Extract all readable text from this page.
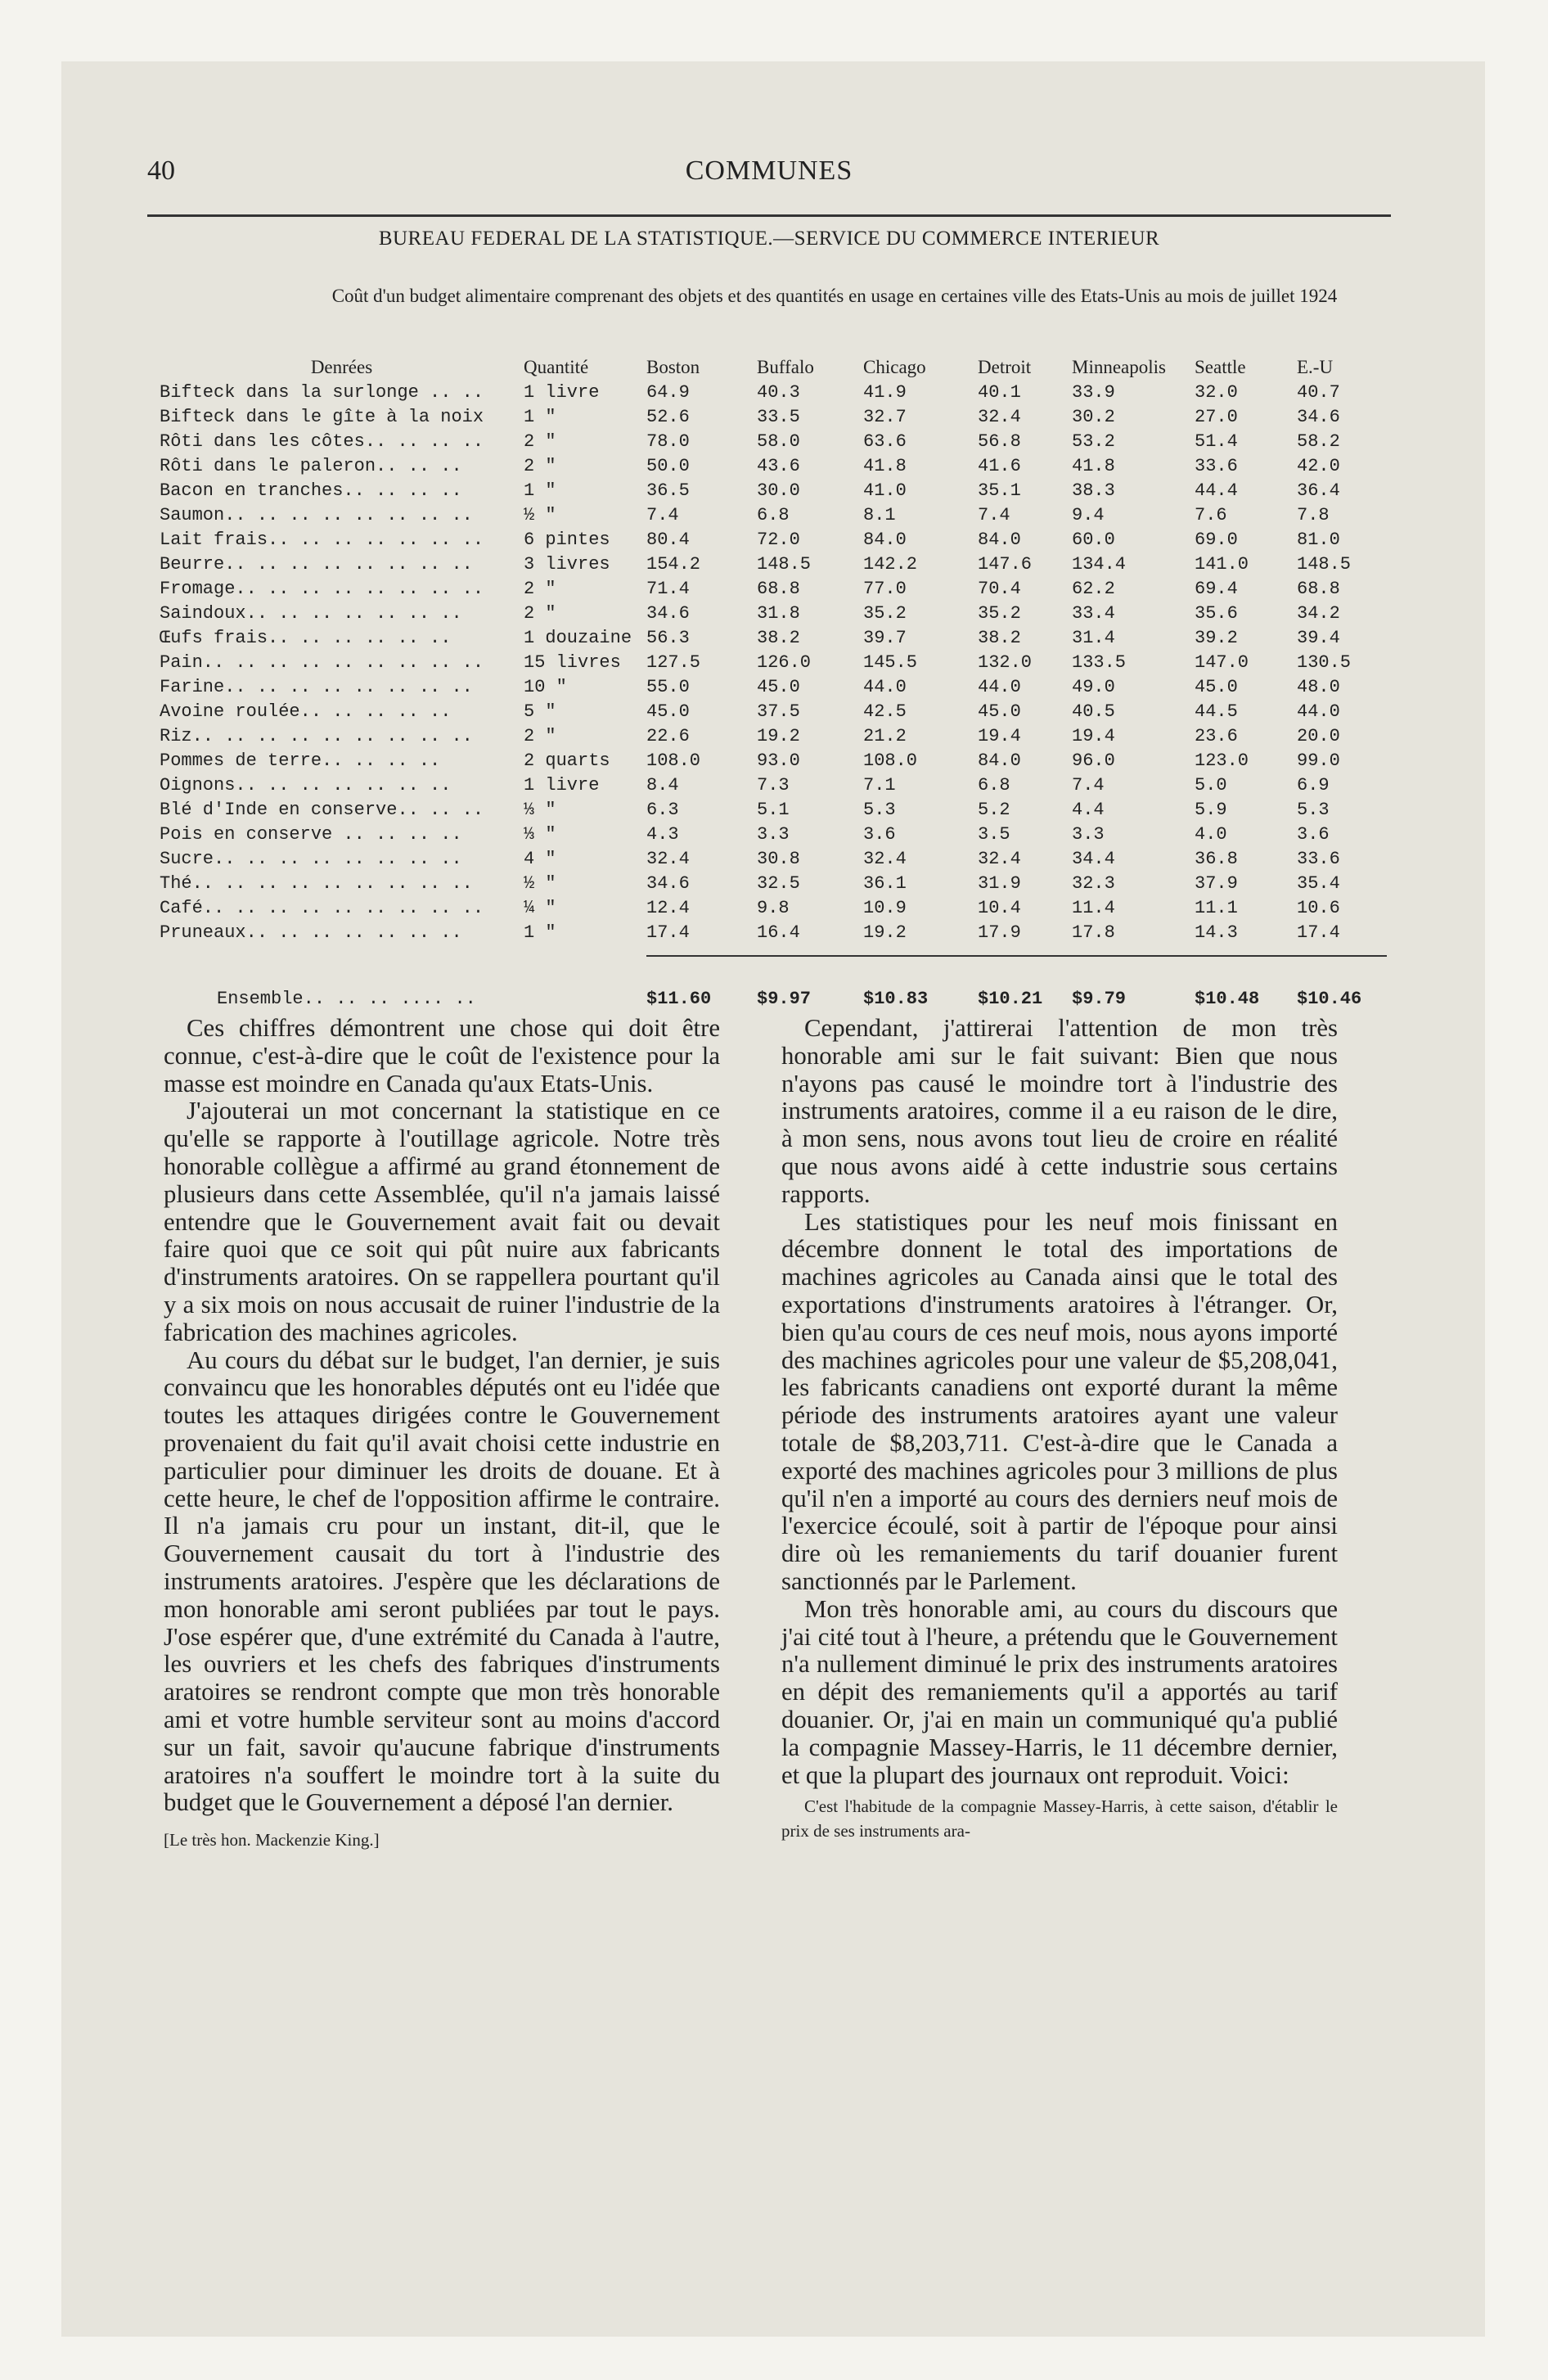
COMMUNES
40
BUREAU FEDERAL DE LA STATISTIQUE.—SERVICE DU COMMERCE INTERIEUR
Coût d'un budget alimentaire comprenant des objets et des quantités en usage en certaines ville des Etats-Unis au mois de juillet 1924
Denrées	Quantité	Boston	Buffalo	Chicago	Detroit	Minneapolis	Seattle	E.-U
Bifteck dans la surlonge .. ..	1 livre	64.9	40.3	41.9	40.1	33.9	32.0	40.7
Bifteck dans le gîte à la noix	1 "	52.6	33.5	32.7	32.4	30.2	27.0	34.6
Rôti dans les côtes.. .. .. ..	2 "	78.0	58.0	63.6	56.8	53.2	51.4	58.2
Rôti dans le paleron.. .. ..	2 "	50.0	43.6	41.8	41.6	41.8	33.6	42.0
Bacon en tranches.. .. .. ..	1 "	36.5	30.0	41.0	35.1	38.3	44.4	36.4
Saumon.. .. .. .. .. .. .. ..	½ "	7.4	6.8	8.1	7.4	9.4	7.6	7.8
Lait frais.. .. .. .. .. .. ..	6 pintes	80.4	72.0	84.0	84.0	60.0	69.0	81.0
Beurre.. .. .. .. .. .. .. ..	3 livres	154.2	148.5	142.2	147.6	134.4	141.0	148.5
Fromage.. .. .. .. .. .. .. ..	2 "	71.4	68.8	77.0	70.4	62.2	69.4	68.8
Saindoux.. .. .. .. .. .. ..	2 "	34.6	31.8	35.2	35.2	33.4	35.6	34.2
Œufs frais.. .. .. .. .. ..	1 douzaine	56.3	38.2	39.7	38.2	31.4	39.2	39.4
Pain.. .. .. .. .. .. .. .. ..	15 livres	127.5	126.0	145.5	132.0	133.5	147.0	130.5
Farine.. .. .. .. .. .. .. ..	10 "	55.0	45.0	44.0	44.0	49.0	45.0	48.0
Avoine roulée.. .. .. .. ..	5 "	45.0	37.5	42.5	45.0	40.5	44.5	44.0
Riz.. .. .. .. .. .. .. .. ..	2 "	22.6	19.2	21.2	19.4	19.4	23.6	20.0
Pommes de terre.. .. .. ..	2 quarts	108.0	93.0	108.0	84.0	96.0	123.0	99.0
Oignons.. .. .. .. .. .. ..	1 livre	8.4	7.3	7.1	6.8	7.4	5.0	6.9
Blé d'Inde en conserve.. .. ..	⅓ "	6.3	5.1	5.3	5.2	4.4	5.9	5.3
Pois en conserve .. .. .. ..	⅓ "	4.3	3.3	3.6	3.5	3.3	4.0	3.6
Sucre.. .. .. .. .. .. .. ..	4 "	32.4	30.8	32.4	32.4	34.4	36.8	33.6
Thé.. .. .. .. .. .. .. .. ..	½ "	34.6	32.5	36.1	31.9	32.3	37.9	35.4
Café.. .. .. .. .. .. .. .. ..	¼ "	12.4	9.8	10.9	10.4	11.4	11.1	10.6
Pruneaux.. .. .. .. .. .. ..	1 "	17.4	16.4	19.2	17.9	17.8	14.3	17.4

Ensemble.. .. .. .... ..		$11.60	$9.97	$10.83	$10.21	$9.79	$10.48	$10.46

Ces chiffres démontrent une chose qui doit être connue, c'est-à-dire que le coût de l'existence pour la masse est moindre en Canada qu'aux Etats-Unis.

J'ajouterai un mot concernant la statistique en ce qu'elle se rapporte à l'outillage agricole. Notre très honorable collègue a affirmé au grand étonnement de plusieurs dans cette Assemblée, qu'il n'a jamais laissé entendre que le Gouvernement avait fait ou devait faire quoi que ce soit qui pût nuire aux fabricants d'instruments aratoires. On se rappellera pourtant qu'il y a six mois on nous accusait de ruiner l'industrie de la fabrication des machines agricoles.

Au cours du débat sur le budget, l'an dernier, je suis convaincu que les honorables députés ont eu l'idée que toutes les attaques dirigées contre le Gouvernement provenaient du fait qu'il avait choisi cette industrie en particulier pour diminuer les droits de douane. Et à cette heure, le chef de l'opposition affirme le contraire. Il n'a jamais cru pour un instant, dit-il, que le Gouvernement causait du tort à l'industrie des instruments aratoires. J'espère que les déclarations de mon honorable ami seront publiées par tout le pays. J'ose espérer que, d'une extrémité du Canada à l'autre, les ouvriers et les chefs des fabriques d'instruments aratoires se rendront compte que mon très honorable ami et votre humble serviteur sont au moins d'accord sur un fait, savoir qu'aucune fabrique d'instruments aratoires n'a souffert le moindre tort à la suite du budget que le Gouvernement a déposé l'an dernier.

[Le très hon. Mackenzie King.]

Cependant, j'attirerai l'attention de mon très honorable ami sur le fait suivant: Bien que nous n'ayons pas causé le moindre tort à l'industrie des instruments aratoires, comme il a eu raison de le dire, à mon sens, nous avons tout lieu de croire en réalité que nous avons aidé à cette industrie sous certains rapports.

Les statistiques pour les neuf mois finissant en décembre donnent le total des importations de machines agricoles au Canada ainsi que le total des exportations d'instruments aratoires à l'étranger. Or, bien qu'au cours de ces neuf mois, nous ayons importé des machines agricoles pour une valeur de $5,208,041, les fabricants canadiens ont exporté durant la même période des instruments aratoires ayant une valeur totale de $8,203,711. C'est-à-dire que le Canada a exporté des machines agricoles pour 3 millions de plus qu'il n'en a importé au cours des derniers neuf mois de l'exercice écoulé, soit à partir de l'époque pour ainsi dire où les remaniements du tarif douanier furent sanctionnés par le Parlement.

Mon très honorable ami, au cours du discours que j'ai cité tout à l'heure, a prétendu que le Gouvernement n'a nullement diminué le prix des instruments aratoires en dépit des remaniements qu'il a apportés au tarif douanier. Or, j'ai en main un communiqué qu'a publié la compagnie Massey-Harris, le 11 décembre dernier, et que la plupart des journaux ont reproduit. Voici:

C'est l'habitude de la compagnie Massey-Harris, à cette saison, d'établir le prix de ses instruments ara-
